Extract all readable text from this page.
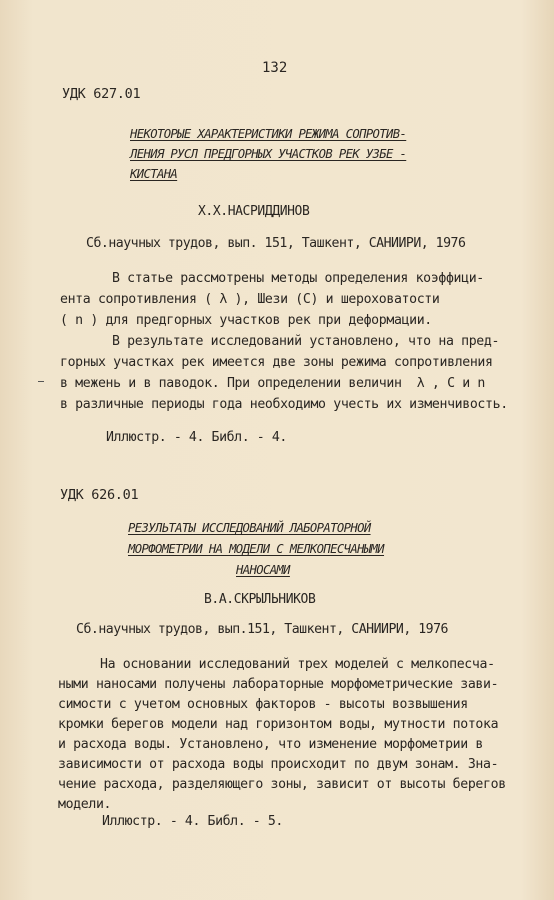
132
УДК 627.01
НЕКОТОРЫЕ ХАРАКТЕРИСТИКИ РЕЖИМА СОПРОТИВ-
ЛЕНИЯ РУСЛ ПРЕДГОРНЫХ УЧАСТКОВ РЕК УЗБЕ -
КИСТАНА
Х.Х.НАСРИДДИНОВ
Сб.научных трудов, вып. 151, Ташкент, САНИИРИ, 1976
В статье рассмотрены методы определения коэффици-
ента сопротивления ( λ ), Шези (С) и шероховатости
( n ) для предгорных участков рек при деформации.
В результате исследований установлено, что на пред-
горных участках рек имеется две зоны режима сопротивления
в межень и в паводок. При определении величин  λ , C и n
в различные периоды года необходимо учесть их изменчивость.
Иллюстр. - 4. Библ. - 4.
УДК 626.01
РЕЗУЛЬТАТЫ ИССЛЕДОВАНИЙ ЛАБОРАТОРНОЙ
МОРФОМЕТРИИ НА МОДЕЛИ С МЕЛКОПЕСЧАНЫМИ
НАНОСАМИ
В.А.СКРЫЛЬНИКОВ
Сб.научных трудов, вып.151, Ташкент, САНИИРИ, 1976
На основании исследований трех моделей с мелкопесча-
ными наносами получены лабораторные морфометрические зави-
симости с учетом основных факторов - высоты возвышения
кромки берегов модели над горизонтом воды, мутности потока
и расхода воды. Установлено, что изменение морфометрии в
зависимости от расхода воды происходит по двум зонам. Зна-
чение расхода, разделяющего зоны, зависит от высоты берегов
модели.
Иллюстр. - 4. Библ. - 5.
